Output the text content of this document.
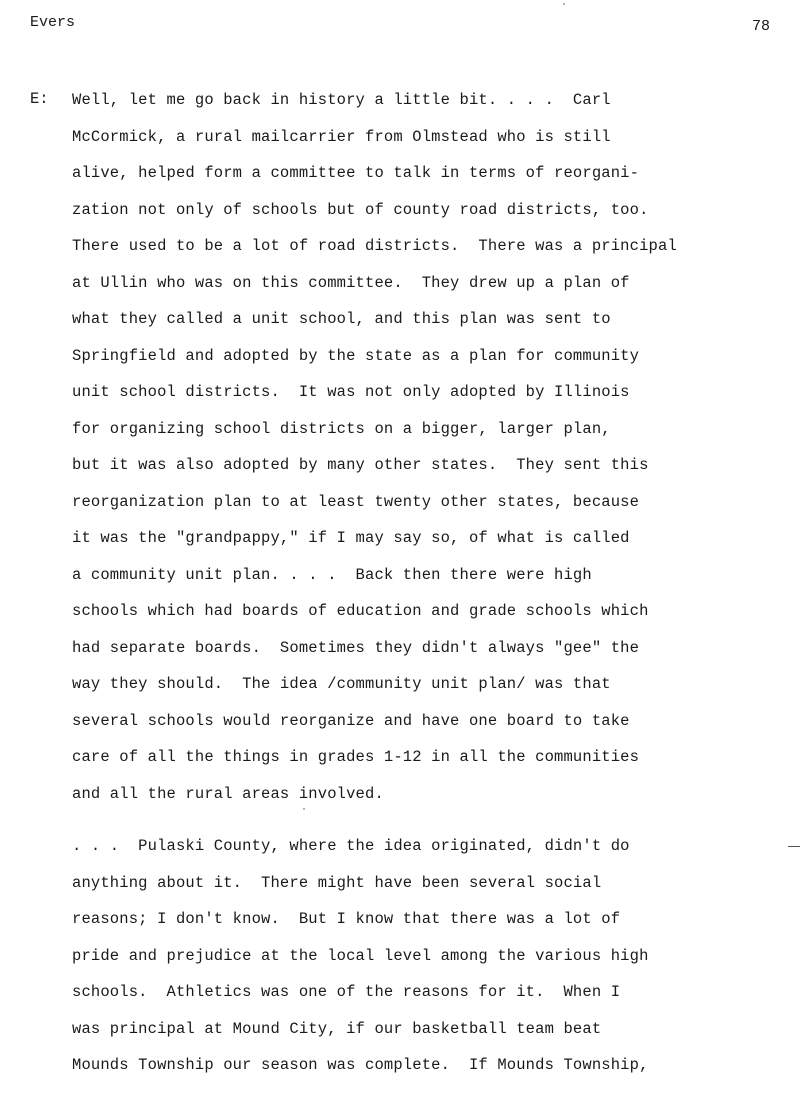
Evers	78
E: Well, let me go back in history a little bit. . . .  Carl
McCormick, a rural mailcarrier from Olmstead who is still
alive, helped form a committee to talk in terms of reorgani-
zation not only of schools but of county road districts, too.
There used to be a lot of road districts.  There was a principal
at Ullin who was on this committee.  They drew up a plan of
what they called a unit school, and this plan was sent to
Springfield and adopted by the state as a plan for community
unit school districts.  It was not only adopted by Illinois
for organizing school districts on a bigger, larger plan,
but it was also adopted by many other states.  They sent this
reorganization plan to at least twenty other states, because
it was the "grandpappy," if I may say so, of what is called
a community unit plan. . . .  Back then there were high
schools which had boards of education and grade schools which
had separate boards.  Sometimes they didn't always "gee" the
way they should.  The idea /community unit plan/ was that
several schools would reorganize and have one board to take
care of all the things in grades 1-12 in all the communities
and all the rural areas involved.
. . .  Pulaski County, where the idea originated, didn't do
anything about it.  There might have been several social
reasons; I don't know.  But I know that there was a lot of
pride and prejudice at the local level among the various high
schools.  Athletics was one of the reasons for it.  When I
was principal at Mound City, if our basketball team beat
Mounds Township our season was complete.  If Mounds Township,
